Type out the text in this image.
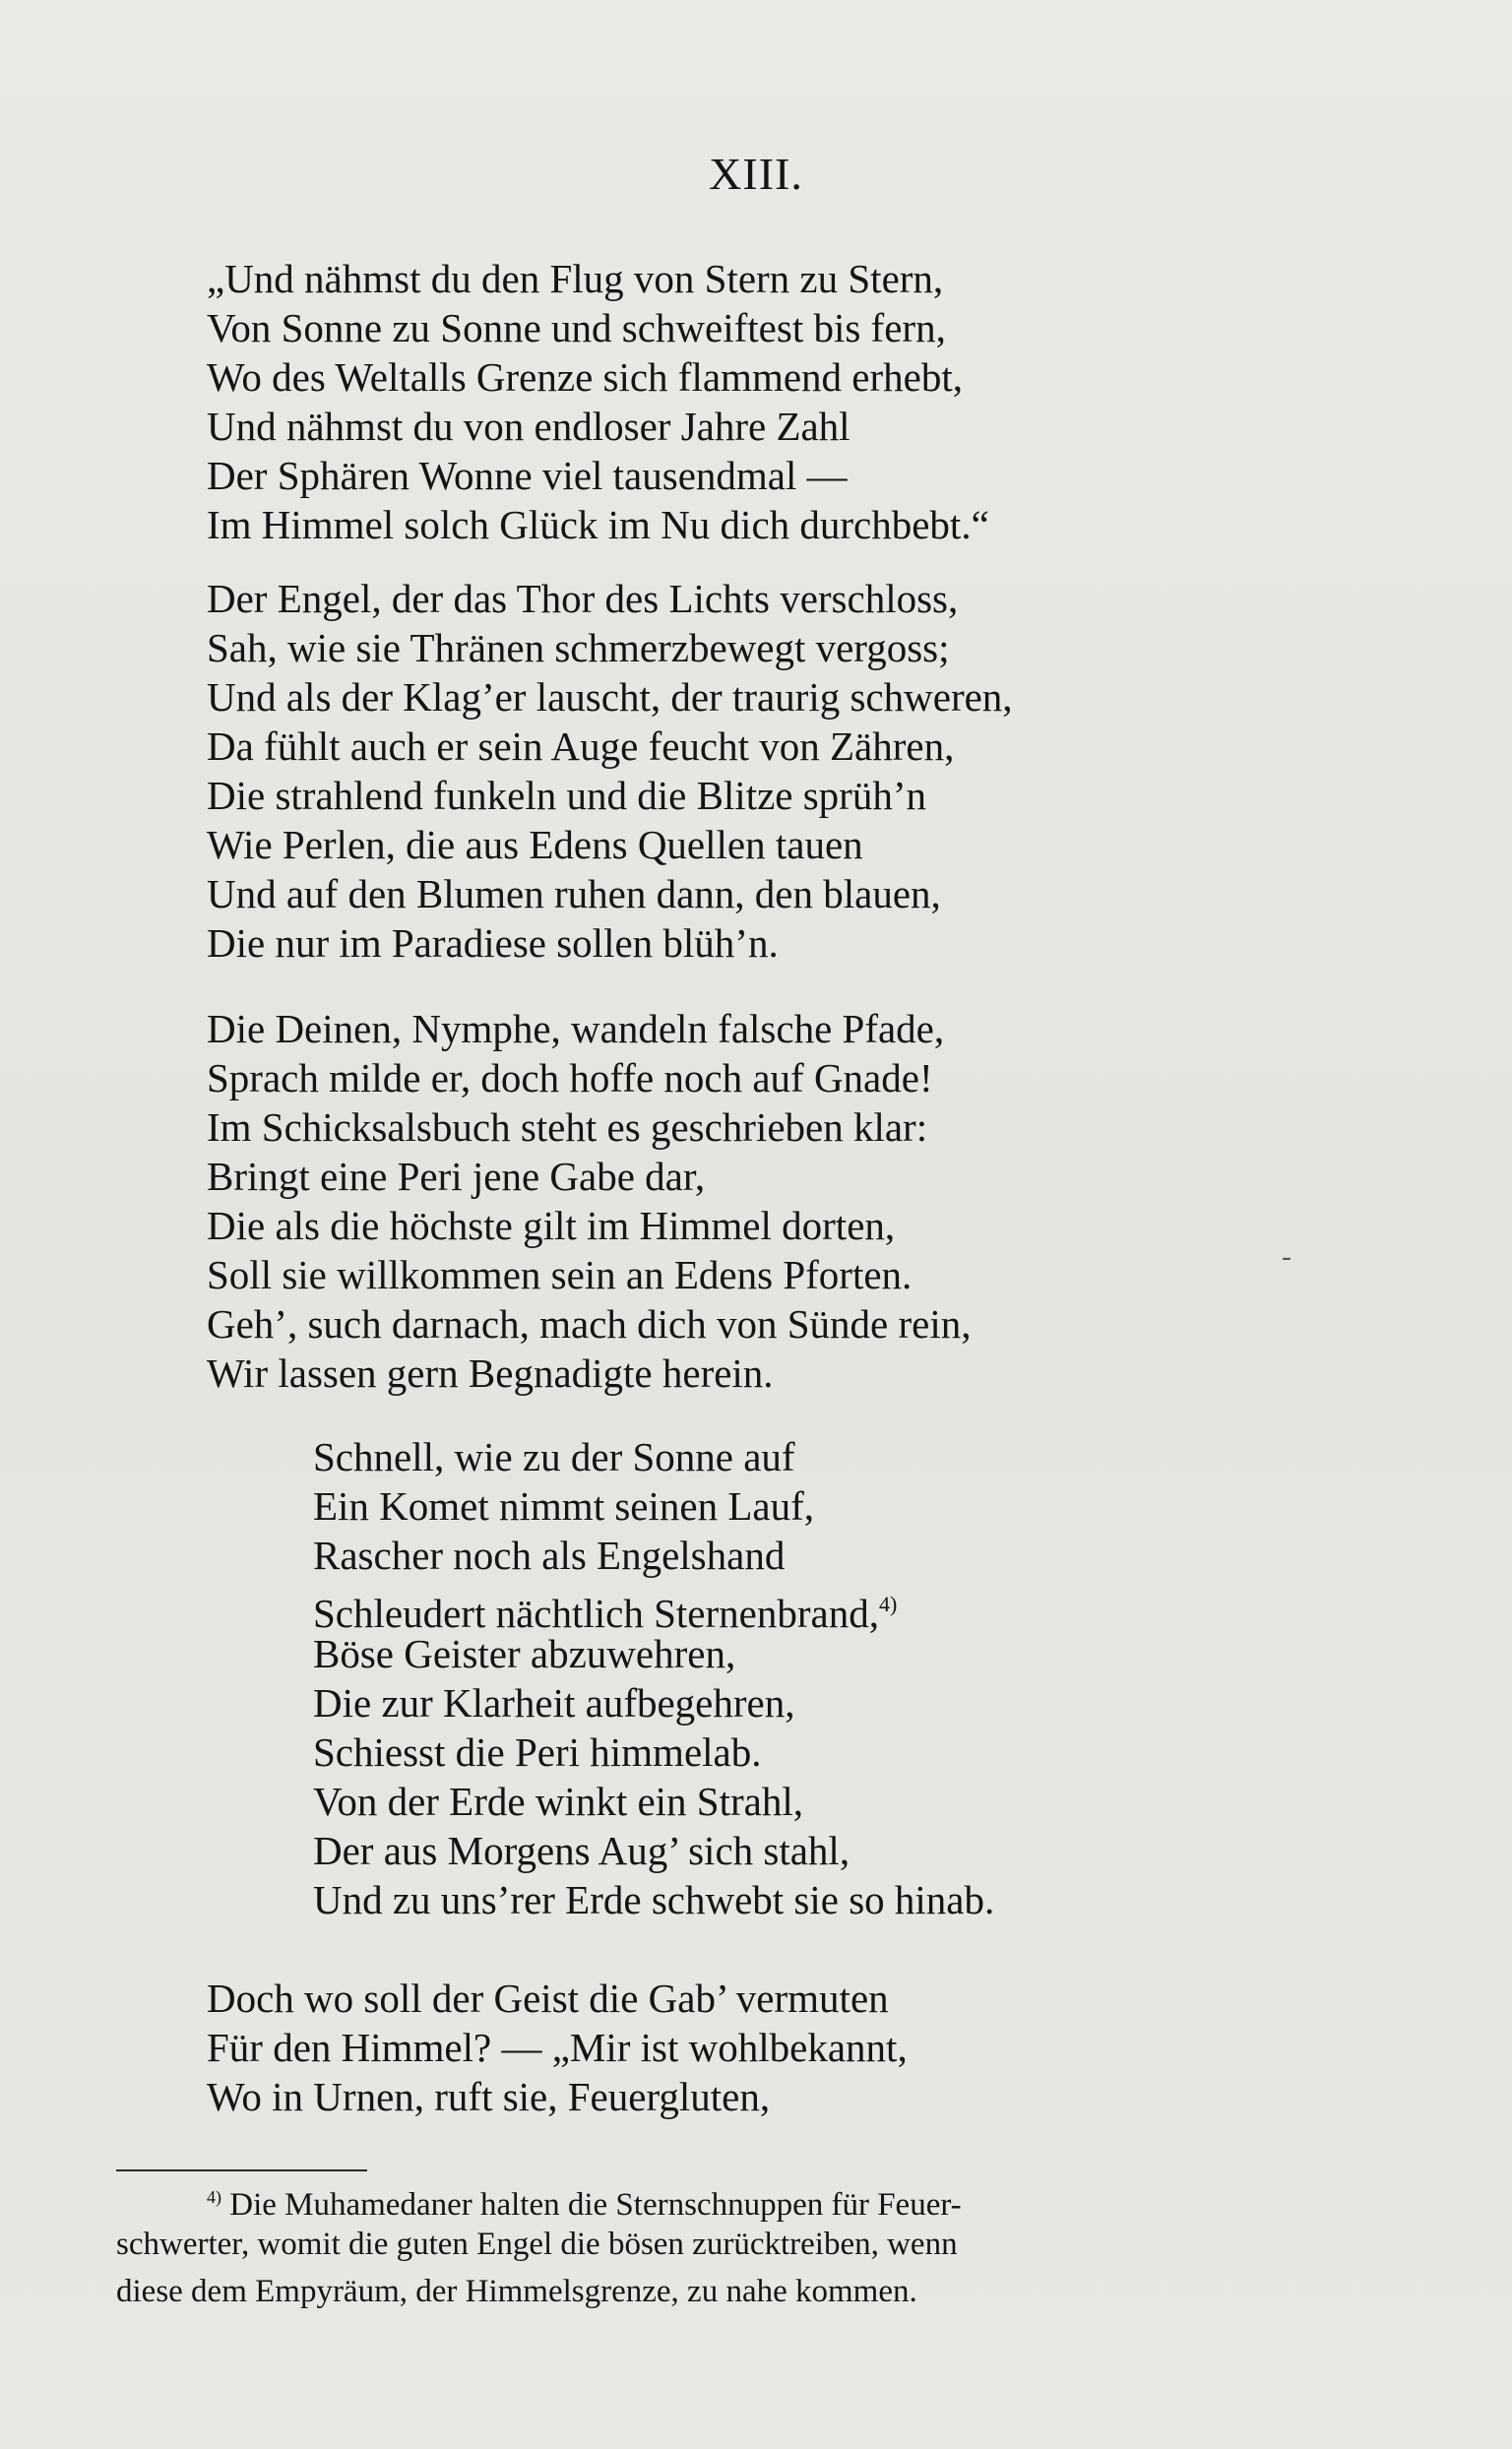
XIII.
„Und nähmst du den Flug von Stern zu Stern,
Von Sonne zu Sonne und schweiftest bis fern,
Wo des Weltalls Grenze sich flammend erhebt,
Und nähmst du von endloser Jahre Zahl
Der Sphären Wonne viel tausendmal —
Im Himmel solch Glück im Nu dich durchbebt.“
Der Engel, der das Thor des Lichts verschloss,
Sah, wie sie Thränen schmerzbewegt vergoss;
Und als der Klag’er lauscht, der traurig schweren,
Da fühlt auch er sein Auge feucht von Zähren,
Die strahlend funkeln und die Blitze sprüh’n
Wie Perlen, die aus Edens Quellen tauen
Und auf den Blumen ruhen dann, den blauen,
Die nur im Paradiese sollen blüh’n.
Die Deinen, Nymphe, wandeln falsche Pfade,
Sprach milde er, doch hoffe noch auf Gnade!
Im Schicksalsbuch steht es geschrieben klar:
Bringt eine Peri jene Gabe dar,
Die als die höchste gilt im Himmel dorten,
Soll sie willkommen sein an Edens Pforten.
Geh’, such darnach, mach dich von Sünde rein,
Wir lassen gern Begnadigte herein.
Schnell, wie zu der Sonne auf
Ein Komet nimmt seinen Lauf,
Rascher noch als Engelshand
Schleudert nächtlich Sternenbrand,$^{4)}$
Böse Geister abzuwehren,
Die zur Klarheit aufbegehren,
Schiesst die Peri himmelab.
Von der Erde winkt ein Strahl,
Der aus Morgens Aug’ sich stahl,
Und zu uns’rer Erde schwebt sie so hinab.
Doch wo soll der Geist die Gab’ vermuten
Für den Himmel? — „Mir ist wohlbekannt,
Wo in Urnen, ruft sie, Feuergluten,
$^{4)}$ Die Muhamedaner halten die Sternschnuppen für Feuer-
schwerter, womit die guten Engel die bösen zurücktreiben, wenn
diese dem Empyräum, der Himmelsgrenze, zu nahe kommen.
-
